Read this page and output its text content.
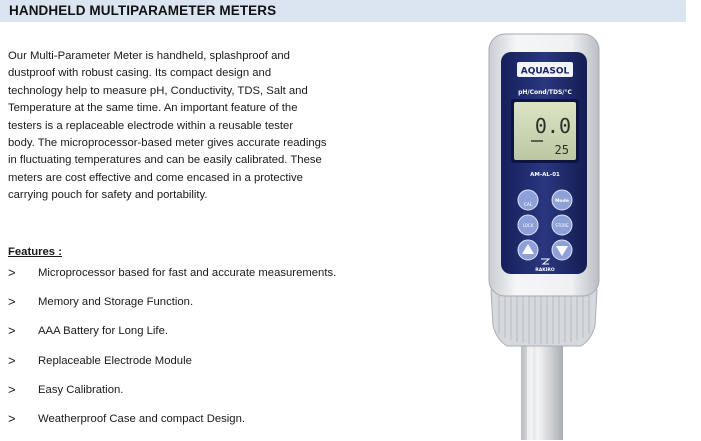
HANDHELD MULTIPARAMETER METERS

Our Multi-Parameter Meter is handheld, splashproof and
dustproof with robust casing. Its compact design and
technology help to measure pH, Conductivity, TDS, Salt and
Temperature at the same time. An important feature of the
testers is a replaceable electrode within a reusable tester
body. The microprocessor-based meter gives accurate readings
in fluctuating temperatures and can be easily calibrated. These
meters are cost effective and come encased in a protective
carrying pouch for safety and portability.

Features :

>	Microprocessor based for fast and accurate measurements.
>	Memory and Storage Function.
>	AAA Battery for Long Life.
>	Replaceable Electrode Module
>	Easy Calibration.
>	Weatherproof Case and compact Design.
AQUASOL
pH/Cond/TDS/°C
0.0
25
AM-AL-01
CAL
Mode
LOCK	STORE
RAKIRO
